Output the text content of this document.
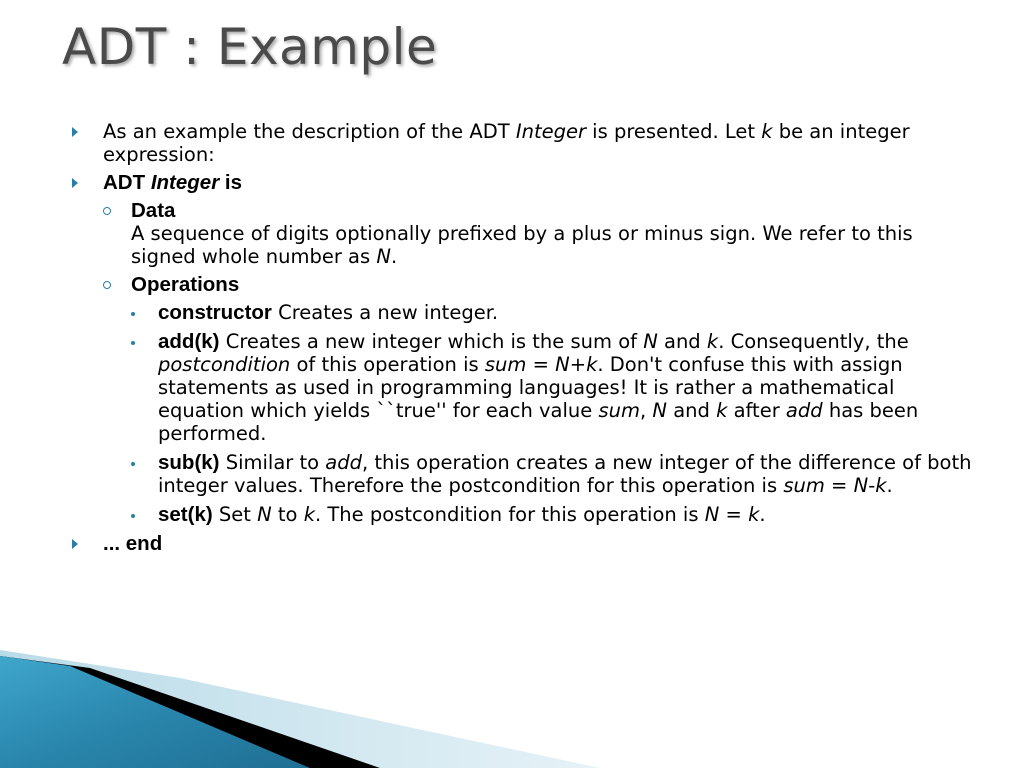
ADT : Example
As an example the description of the ADT Integer is presented. Let k be an integer expression:
ADT Integer is
Data
A sequence of digits optionally prefixed by a plus or minus sign. We refer to this signed whole number as N.
Operations
constructor Creates a new integer.
add(k) Creates a new integer which is the sum of N and k. Consequently, the postcondition of this operation is sum = N+k. Don't confuse this with assign statements as used in programming languages! It is rather a mathematical equation which yields ``true'' for each value sum, N and k after add has been performed.
sub(k) Similar to add, this operation creates a new integer of the difference of both integer values. Therefore the postcondition for this operation is sum = N-k.
set(k) Set N to k. The postcondition for this operation is N = k.
... end
